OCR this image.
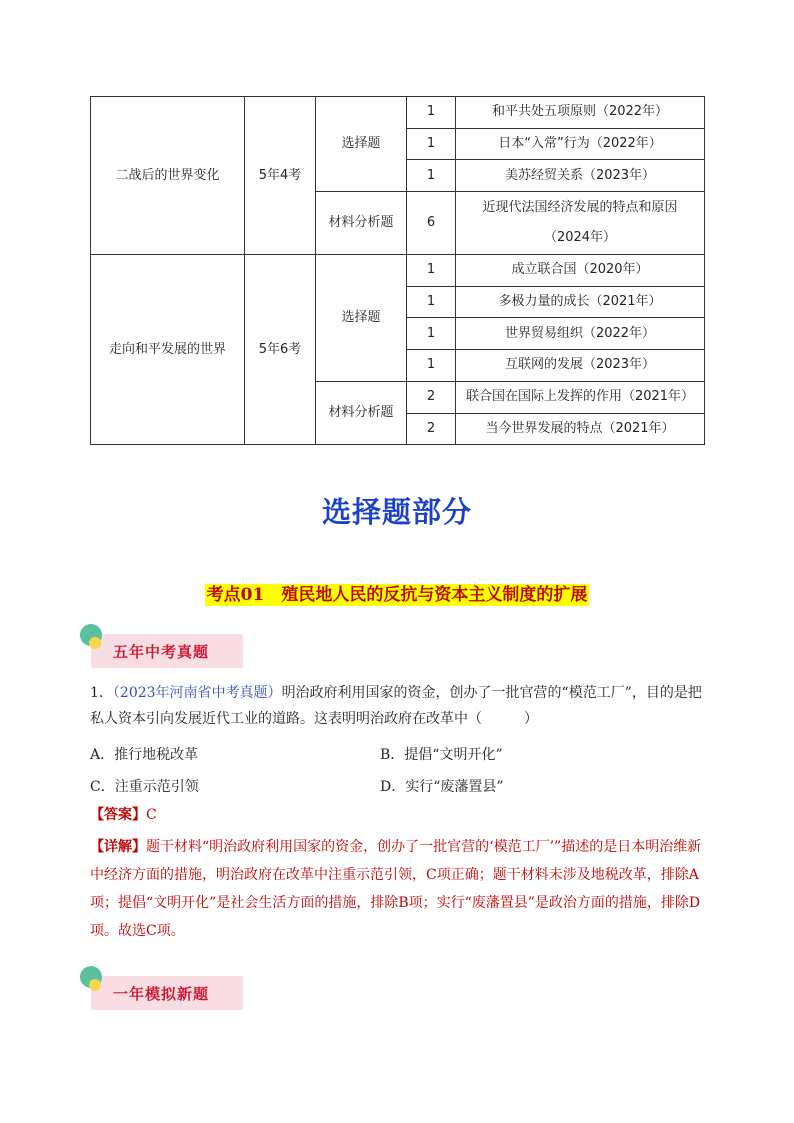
二战后的世界变化	5年4考	选择题	1	和平共处五项原则（2022年）
			1	日本“入常”行为（2022年）
			1	美苏经贸关系（2023年）
		材料分析题	6	近现代法国经济发展的特点和原因（2024年）

走向和平发展的世界	5年6考	选择题	1	成立联合国（2020年）
			1	多极力量的成长（2021年）
			1	世界贸易组织（2022年）
			1	互联网的发展（2023年）
		材料分析题	2	联合国在国际上发挥的作用（2021年）
			2	当今世界发展的特点（2021年）
选择题部分
考点01　殖民地人民的反抗与资本主义制度的扩展
五年中考真题
1．（2023年河南省中考真题）明治政府利用国家的资金，创办了一批官营的“模范工厂”，目的是把私人资本引向发展近代工业的道路。这表明明治政府在改革中（　　　）
A．推行地税改革	B．提倡“文明开化”
C．注重示范引领	D．实行“废藩置县”
【答案】C
【详解】题干材料“明治政府利用国家的资金，创办了一批官营的‘模范工厂’”描述的是日本明治维新中经济方面的措施，明治政府在改革中注重示范引领，C项正确；题干材料未涉及地税改革，排除A项；提倡“文明开化”是社会生活方面的措施，排除B项；实行“废藩置县”是政治方面的措施，排除D项。故选C项。
一年模拟新题
